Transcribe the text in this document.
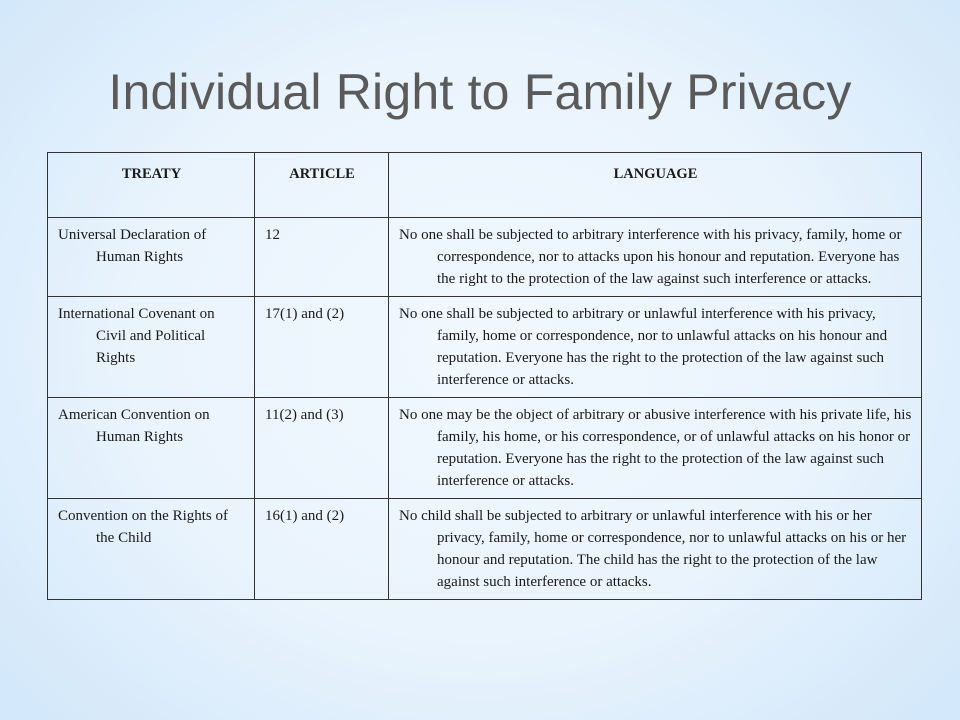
Individual Right to Family Privacy
TREATY	ARTICLE	LANGUAGE

Universal Declaration of Human Rights	12	No one shall be subjected to arbitrary interference with his privacy, family, home or correspondence, nor to attacks upon his honour and reputation. Everyone has the right to the protection of the law against such interference or attacks.

International Covenant on Civil and Political Rights	17(1) and (2)	No one shall be subjected to arbitrary or unlawful interference with his privacy, family, home or correspondence, nor to unlawful attacks on his honour and reputation. Everyone has the right to the protection of the law against such interference or attacks.

American Convention on Human Rights	11(2) and (3)	No one may be the object of arbitrary or abusive interference with his private life, his family, his home, or his correspondence, or of unlawful attacks on his honor or reputation. Everyone has the right to the protection of the law against such interference or attacks.

Convention on the Rights of the Child	16(1) and (2)	No child shall be subjected to arbitrary or unlawful interference with his or her privacy, family, home or correspondence, nor to unlawful attacks on his or her honour and reputation. The child has the right to the protection of the law against such interference or attacks.
